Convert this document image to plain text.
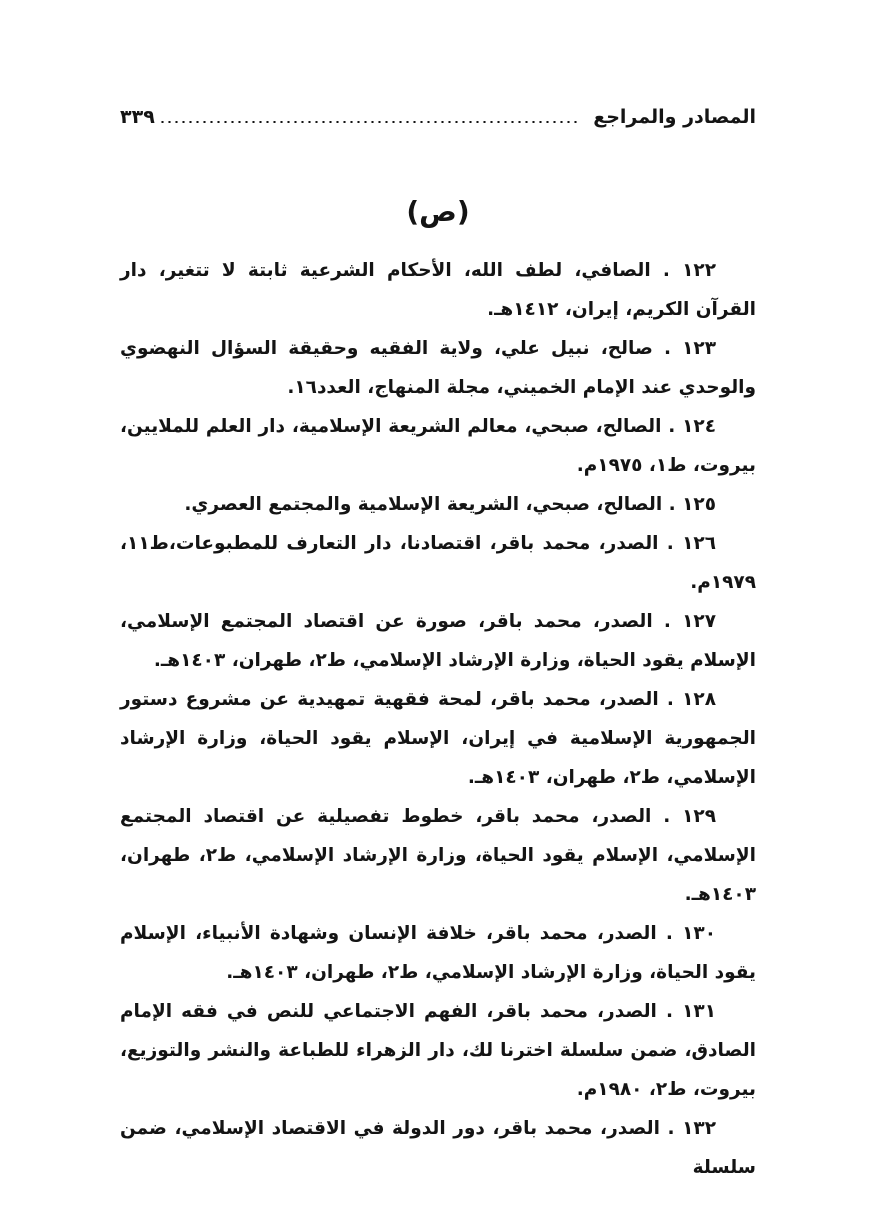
المصادر والمراجع
٣٣٩
(ص)
١٢٢ . الصافي، لطف الله، الأحكام الشرعية ثابتة لا تتغير، دار القرآن الكريم، إيران، ١٤١٢هـ.
١٢٣ . صالح، نبيل علي، ولاية الفقيه وحقيقة السؤال النهضوي والوحدي عند الإمام الخميني، مجلة المنهاج، العدد١٦.
١٢٤ . الصالح، صبحي، معالم الشريعة الإسلامية، دار العلم للملايين، بيروت، ط١، ١٩٧٥م.
١٢٥ . الصالح، صبحي، الشريعة الإسلامية والمجتمع العصري.
١٢٦ . الصدر، محمد باقر، اقتصادنا، دار التعارف للمطبوعات،ط١١، ١٩٧٩م.
١٢٧ . الصدر، محمد باقر، صورة عن اقتصاد المجتمع الإسلامي، الإسلام يقود الحياة، وزارة الإرشاد الإسلامي، ط٢، طهران، ١٤٠٣هـ.
١٢٨ . الصدر، محمد باقر، لمحة فقهية تمهيدية عن مشروع دستور الجمهورية الإسلامية في إيران، الإسلام يقود الحياة، وزارة الإرشاد الإسلامي، ط٢، طهران، ١٤٠٣هـ.
١٢٩ . الصدر، محمد باقر، خطوط تفصيلية عن اقتصاد المجتمع الإسلامي، الإسلام يقود الحياة، وزارة الإرشاد الإسلامي، ط٢، طهران، ١٤٠٣هـ.
١٣٠ . الصدر، محمد باقر، خلافة الإنسان وشهادة الأنبياء، الإسلام يقود الحياة، وزارة الإرشاد الإسلامي، ط٢، طهران، ١٤٠٣هـ.
١٣١ . الصدر، محمد باقر، الفهم الاجتماعي للنص في فقه الإمام الصادق، ضمن سلسلة اخترنا لك، دار الزهراء للطباعة والنشر والتوزيع، بيروت، ط٢، ١٩٨٠م.
١٣٢ . الصدر، محمد باقر، دور الدولة في الاقتصاد الإسلامي، ضمن سلسلة
